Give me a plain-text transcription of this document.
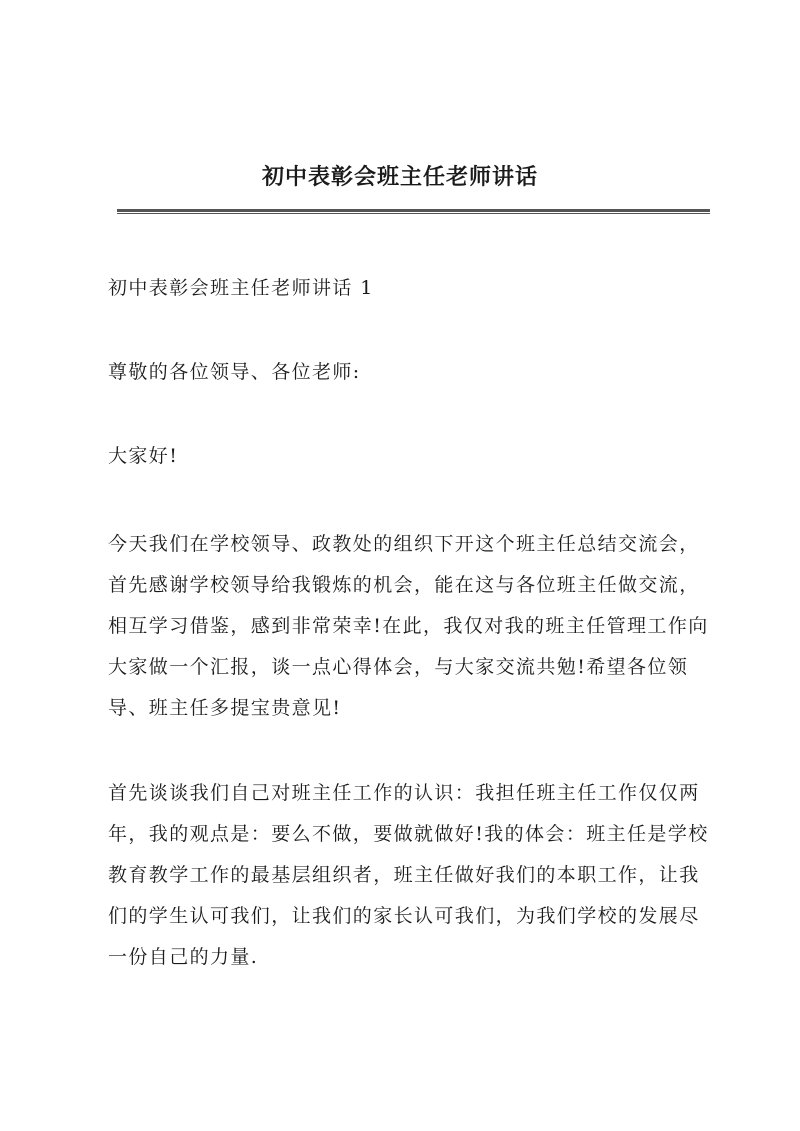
初中表彰会班主任老师讲话

初中表彰会班主任老师讲话 1

尊敬的各位领导、各位老师:

大家好!

今天我们在学校领导、政教处的组织下开这个班主任总结交流会，首先感谢学校领导给我锻炼的机会，能在这与各位班主任做交流，相互学习借鉴，感到非常荣幸!在此，我仅对我的班主任管理工作向大家做一个汇报，谈一点心得体会，与大家交流共勉!希望各位领导、班主任多提宝贵意见!

首先谈谈我们自己对班主任工作的认识：我担任班主任工作仅仅两年，我的观点是：要么不做，要做就做好!我的体会：班主任是学校教育教学工作的最基层组织者，班主任做好我们的本职工作，让我们的学生认可我们，让我们的家长认可我们，为我们学校的发展尽一份自己的力量.
